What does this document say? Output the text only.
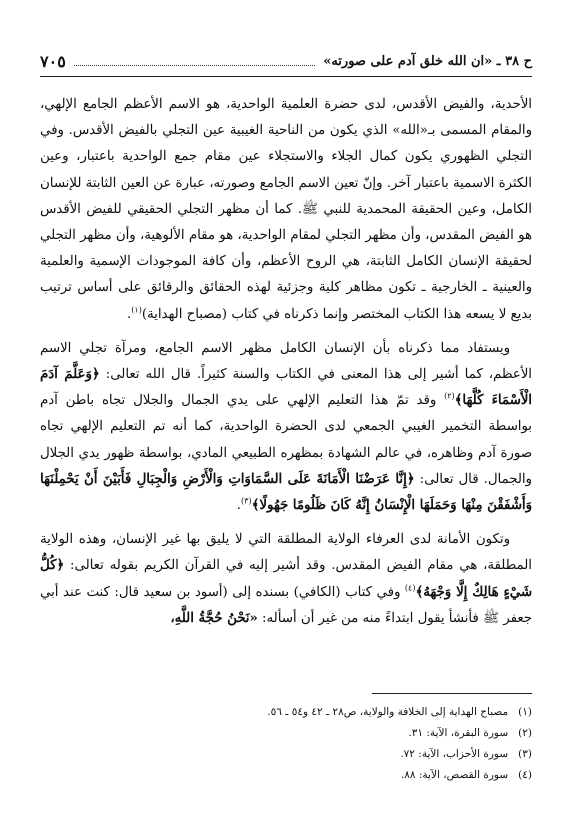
ح ٣٨ ـ «ان الله خلق آدم على صورته»
٧٠٥

الأحدية، والفيض الأقدس، لدى حضرة العلمية الواحدية، هو الاسم الأعظم الجامع الإلهي، والمقام المسمى بـ«الله» الذي يكون من الناحية الغيبية عين التجلي بالفيض الأقدس. وفي التجلي الظهوري يكون كمال الجلاء والاستجلاء عين مقام جمع الواحدية باعتبار، وعين الكثرة الاسمية باعتبار آخر. وإنّ تعين الاسم الجامع وصورته، عبارة عن العين الثابتة للإنسان الكامل، وعين الحقيقة المحمدية للنبي ﷺ. كما أن مظهر التجلي الحقيقي للفيض الأقدس هو الفيض المقدس، وأن مظهر التجلي لمقام الواحدية، هو مقام الألوهية، وأن مظهر التجلي لحقيقة الإنسان الكامل الثابتة، هي الروح الأعظم، وأن كافة الموجودات الإسمية والعلمية والعينية ـ الخارجية ـ تكون مظاهر كلية وجزئية لهذه الحقائق والرقائق على أساس ترتيب بديع لا يسعه هذا الكتاب المختصر وإنما ذكرناه في كتاب (مصباح الهداية)$^{(١)}$.

ويستفاد مما ذكرناه بأن الإنسان الكامل مظهر الاسم الجامع، ومرآة تجلي الاسم الأعظم، كما أشير إلى هذا المعنى في الكتاب والسنة كثيراً. قال الله تعالى: ﴿وَعَلَّمَ آدَمَ الْأَسْمَاءَ كُلَّهَا﴾$^{(٢)}$ وقد تمّ هذا التعليم الإلهي على يدي الجمال والجلال تجاه باطن آدم بواسطة التخمير الغيبي الجمعي لدى الحضرة الواحدية، كما أنه تم التعليم الإلهي تجاه صورة آدم وظاهره، في عالم الشهادة بمظهره الطبيعي المادي، بواسطة ظهور يدي الجلال والجمال. قال تعالى: ﴿إِنَّا عَرَضْنَا الْأَمَانَةَ عَلَى السَّمَاوَاتِ وَالْأَرْضِ وَالْجِبَالِ فَأَبَيْنَ أَنْ يَحْمِلْنَهَا وَأَشْفَقْنَ مِنْهَا وَحَمَلَهَا الْإِنْسَانُ إِنَّهُ كَانَ ظَلُومًا جَهُولًا﴾$^{(٣)}$.

وتكون الأمانة لدى العرفاء الولاية المطلقة التي لا يليق بها غير الإنسان، وهذه الولاية المطلقة، هي مقام الفيض المقدس. وقد أشير إليه في القرآن الكريم بقوله تعالى: ﴿كُلُّ شَيْءٍ هَالِكٌ إِلَّا وَجْهَهُ﴾$^{(٤)}$ وفي كتاب (الكافي) بسنده إلى (أسود بن سعيد قال: كنت عند أبي جعفر ﷺ فأنشأ يقول ابتداءً منه من غير أن أسأله: «نَحْنُ حُجَّةُ اللَّهِ،

(١)
مصباح الهداية إلى الخلافة والولاية، ص٢٨ ـ ٤٢ و٥٤ ـ ٥٦.
(٢)
سورة البقرة، الآية: ٣١.
(٣)
سورة الأحزاب، الآية: ٧٢.
(٤)
سورة القصص، الآية: ٨٨.
